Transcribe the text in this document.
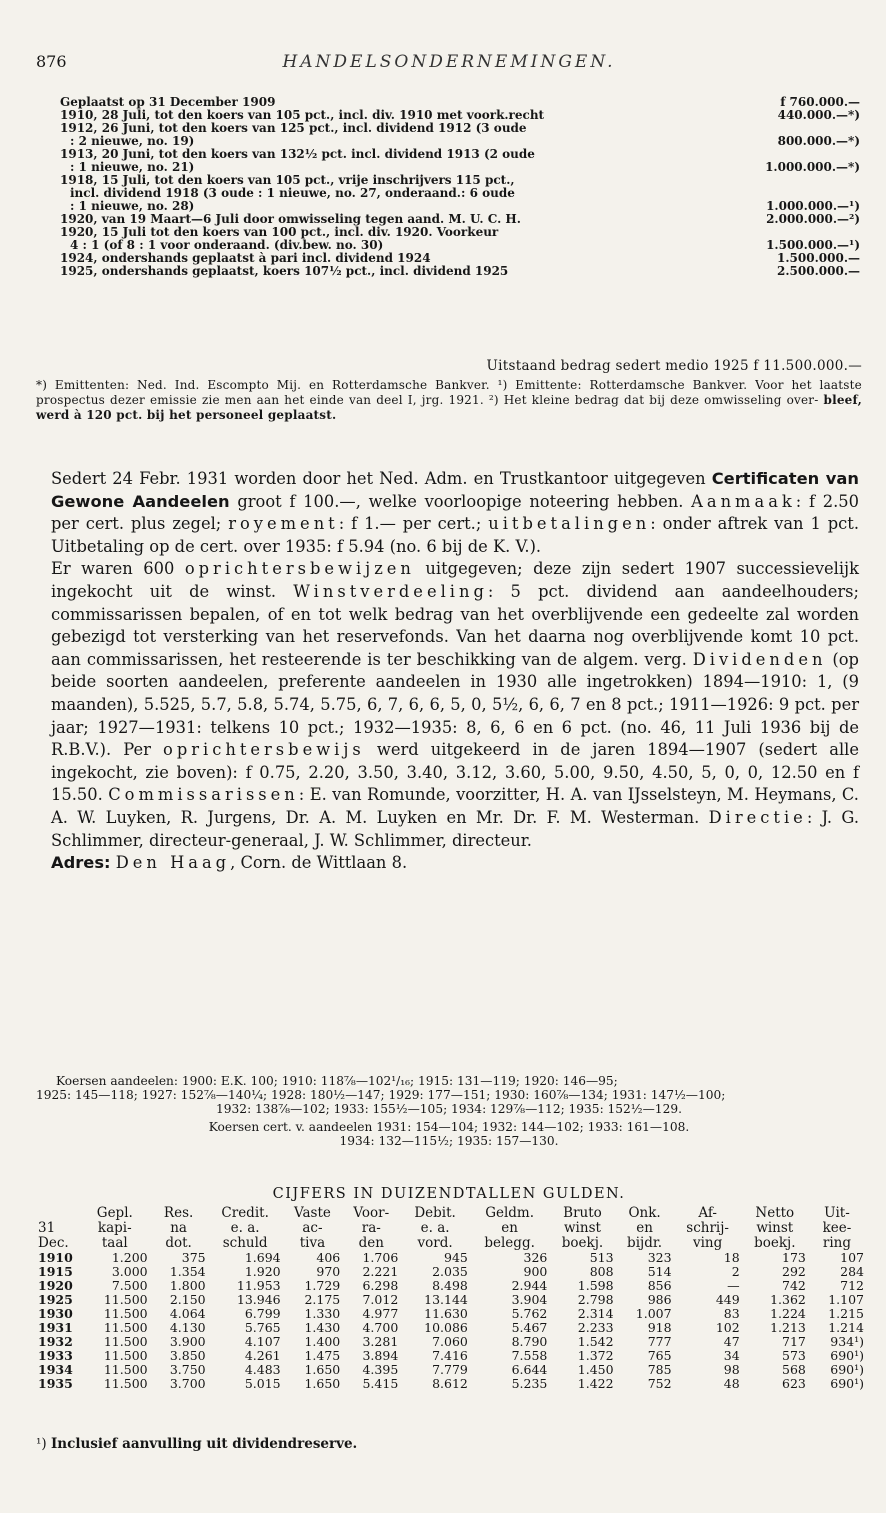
876	HANDELSONDERNEMINGEN.
Geplaatst op 31 December 1909	f 760.000.—
1910, 28 Juli, tot den koers van 105 pct., incl. div. 1910 met voork.recht	440.000.—*)
1912, 26 Juni, tot den koers van 125 pct., incl. dividend 1912 (3 oude
: 2 nieuwe, no. 19)	800.000.—*)
1913, 20 Juni, tot den koers van 132½ pct. incl. dividend 1913 (2 oude
: 1 nieuwe, no. 21)	1.000.000.—*)
1918, 15 Juli, tot den koers van 105 pct., vrije inschrijvers 115 pct.,
incl. dividend 1918 (3 oude : 1 nieuwe, no. 27, onderaand.: 6 oude
: 1 nieuwe, no. 28)	1.000.000.—¹)
1920, van 19 Maart—6 Juli door omwisseling tegen aand. M. U. C. H.	2.000.000.—²)
1920, 15 Juli tot den koers van 100 pct., incl. div. 1920. Voorkeur
4 : 1 (of 8 : 1 voor onderaand. (div.bew. no. 30)	1.500.000.—¹)
1924, ondershands geplaatst à pari incl. dividend 1924	1.500.000.—
1925, ondershands geplaatst, koers 107½ pct., incl. dividend 1925	2.500.000.—
Uitstaand bedrag sedert medio 1925 f 11.500.000.—
*) Emittenten: Ned. Ind. Escompto Mij. en Rotterdamsche Bankver. ¹) Emittente: Rotterdamsche Bankver. Voor het laatste prospectus dezer emissie zie men aan het einde van deel I, jrg. 1921. ²) Het kleine bedrag dat bij deze omwisseling over- bleef, werd à 120 pct. bij het personeel geplaatst.

Sedert 24 Febr. 1931 worden door het Ned. Adm. en Trustkantoor uitgegeven Certificaten van Gewone Aandeelen groot f 100.—, welke voorloopige noteering hebben. Aanmaak: f 2.50 per cert. plus zegel; royement: f 1.— per cert.; uitbetalingen: onder aftrek van 1 pct. Uitbetaling op de cert. over 1935: f 5.94 (no. 6 bij de K. V.).

Er waren 600 oprichtersbewijzen uitgegeven; deze zijn sedert 1907 successievelijk ingekocht uit de winst. Winstverdeeling: 5 pct. dividend aan aandeelhouders; commissarissen bepalen, of en tot welk bedrag van het overblijvende een gedeelte zal worden gebezigd tot versterking van het reservefonds. Van het daarna nog overblijvende komt 10 pct. aan commissarissen, het resteerende is ter beschikking van de algem. verg. Dividenden (op beide soorten aandeelen, preferente aandeelen in 1930 alle ingetrokken) 1894—1910: 1, (9 maanden), 5.525, 5.7, 5.8, 5.74, 5.75, 6, 7, 6, 6, 5, 0, 5½, 6, 6, 7 en 8 pct.; 1911—1926: 9 pct. per jaar; 1927—1931: telkens 10 pct.; 1932—1935: 8, 6, 6 en 6 pct. (no. 46, 11 Juli 1936 bij de R.B.V.). Per oprichtersbewijs werd uitgekeerd in de jaren 1894—1907 (sedert alle ingekocht, zie boven): f 0.75, 2.20, 3.50, 3.40, 3.12, 3.60, 5.00, 9.50, 4.50, 5, 0, 0, 12.50 en f 15.50. Commissarissen: E. van Romunde, voorzitter, H. A. van IJsselsteyn, M. Heymans, C. A. W. Luyken, R. Jurgens, Dr. A. M. Luyken en Mr. Dr. F. M. Westerman. Directie: J. G. Schlimmer, directeur-generaal, J. W. Schlimmer, directeur.

Adres: Den Haag, Corn. de Wittlaan 8.

Koersen aandeelen: 1900: E.K. 100; 1910: 118⅞—102¹/₁₆; 1915: 131—119; 1920: 146—95;
1925: 145—118; 1927: 152⅞—140¼; 1928: 180½—147; 1929: 177—151; 1930: 160⅞—134; 1931: 147½—100;
1932: 138⅞—102; 1933: 155½—105; 1934: 129⅞—112; 1935: 152½—129.
Koersen cert. v. aandeelen 1931: 154—104; 1932: 144—102; 1933: 161—108.
1934: 132—115½; 1935: 157—130.
CIJFERS IN DUIZENDTALLEN GULDEN.
	Gepl.	Res.	Credit.	Vaste	Voor-	Debit.	Geldm.	Bruto	Onk.	Af-	Netto	Uit-
31	kapi-	na	e. a.	ac-	ra-	e. a.	en	winst	en	schrij-	winst	kee-
Dec.	taal	dot.	schuld	tiva	den	vord.	belegg.	boekj.	bijdr.	ving	boekj.	ring
1910	1.200	375	1.694	406	1.706	945	326	513	323	18	173	107
1915	3.000	1.354	1.920	970	2.221	2.035	900	808	514	2	292	284
1920	7.500	1.800	11.953	1.729	6.298	8.498	2.944	1.598	856	—	742	712
1925	11.500	2.150	13.946	2.175	7.012	13.144	3.904	2.798	986	449	1.362	1.107
1930	11.500	4.064	6.799	1.330	4.977	11.630	5.762	2.314	1.007	83	1.224	1.215
1931	11.500	4.130	5.765	1.430	4.700	10.086	5.467	2.233	918	102	1.213	1.214
1932	11.500	3.900	4.107	1.400	3.281	7.060	8.790	1.542	777	47	717	934¹)
1933	11.500	3.850	4.261	1.475	3.894	7.416	7.558	1.372	765	34	573	690¹)
1934	11.500	3.750	4.483	1.650	4.395	7.779	6.644	1.450	785	98	568	690¹)
1935	11.500	3.700	5.015	1.650	5.415	8.612	5.235	1.422	752	48	623	690¹)
¹) Inclusief aanvulling uit dividendreserve.
